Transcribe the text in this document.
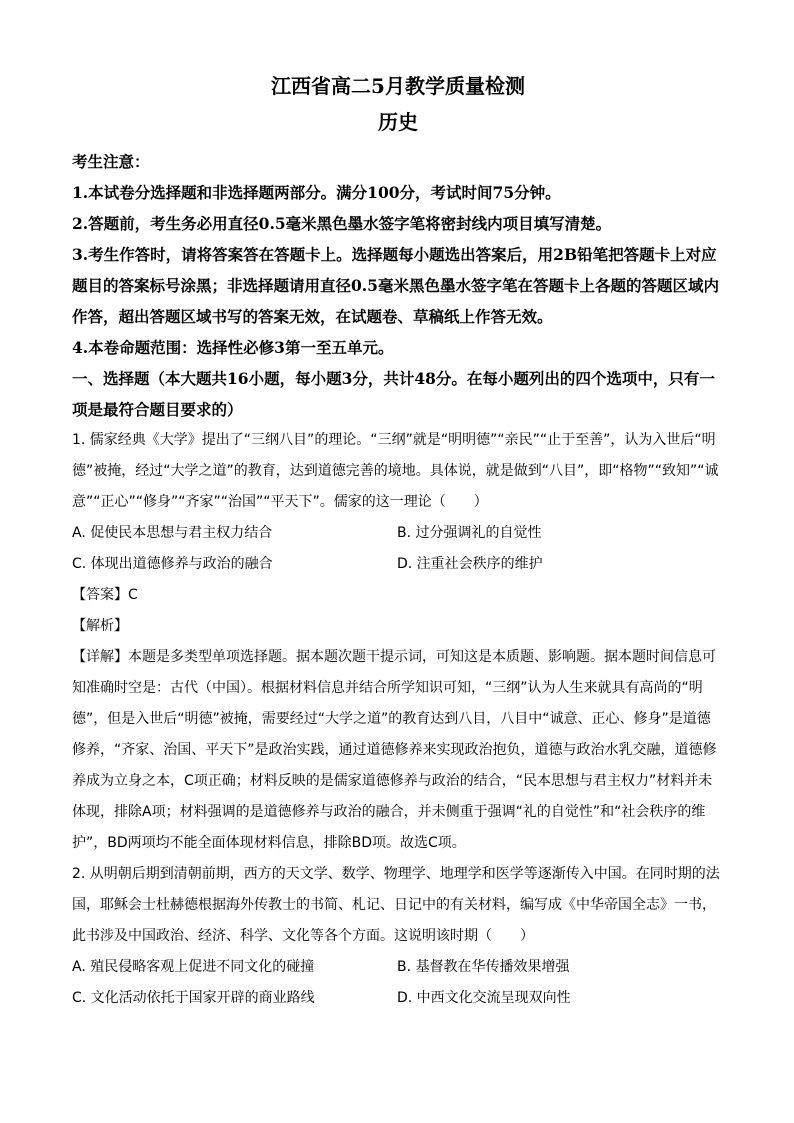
江西省高二5月教学质量检测
历史
考生注意：
1.本试卷分选择题和非选择题两部分。满分100分，考试时间75分钟。
2.答题前，考生务必用直径0.5毫米黑色墨水签字笔将密封线内项目填写清楚。
3.考生作答时，请将答案答在答题卡上。选择题每小题选出答案后，用2B铅笔把答题卡上对应题目的答案标号涂黑；非选择题请用直径0.5毫米黑色墨水签字笔在答题卡上各题的答题区域内作答，超出答题区域书写的答案无效，在试题卷、草稿纸上作答无效。
4.本卷命题范围：选择性必修3第一至五单元。
一、选择题（本大题共16小题，每小题3分，共计48分。在每小题列出的四个选项中，只有一项是最符合题目要求的）
1. 儒家经典《大学》提出了“三纲八目”的理论。“三纲”就是“明明德”“亲民”“止于至善”，认为入世后“明德”被掩，经过“大学之道”的教育，达到道德完善的境地。具体说，就是做到“八目”，即“格物”“致知”“诚意”“正心”“修身”“齐家”“治国”“平天下”。儒家的这一理论（　　）
A. 促使民本思想与君主权力结合	B. 过分强调礼的自觉性
C. 体现出道德修养与政治的融合	D. 注重社会秩序的维护
【答案】C
【解析】
【详解】本题是多类型单项选择题。据本题次题干提示词，可知这是本质题、影响题。据本题时间信息可知准确时空是：古代（中国）。根据材料信息并结合所学知识可知，“三纲”认为人生来就具有高尚的“明德”，但是入世后“明德”被掩，需要经过“大学之道”的教育达到八目，八目中“诚意、正心、修身”是道德修养，“齐家、治国、平天下”是政治实践，通过道德修养来实现政治抱负，道德与政治水乳交融，道德修养成为立身之本，C项正确；材料反映的是儒家道德修养与政治的结合，“民本思想与君主权力”材料并未体现，排除A项；材料强调的是道德修养与政治的融合，并未侧重于强调“礼的自觉性”和“社会秩序的维护”，BD两项均不能全面体现材料信息，排除BD项。故选C项。
2. 从明朝后期到清朝前期，西方的天文学、数学、物理学、地理学和医学等逐渐传入中国。在同时期的法国，耶稣会士杜赫德根据海外传教士的书简、札记、日记中的有关材料，编写成《中华帝国全志》一书，此书涉及中国政治、经济、科学、文化等各个方面。这说明该时期（　　）
A. 殖民侵略客观上促进不同文化的碰撞	B. 基督教在华传播效果增强
C. 文化活动依托于国家开辟的商业路线	D. 中西文化交流呈现双向性
